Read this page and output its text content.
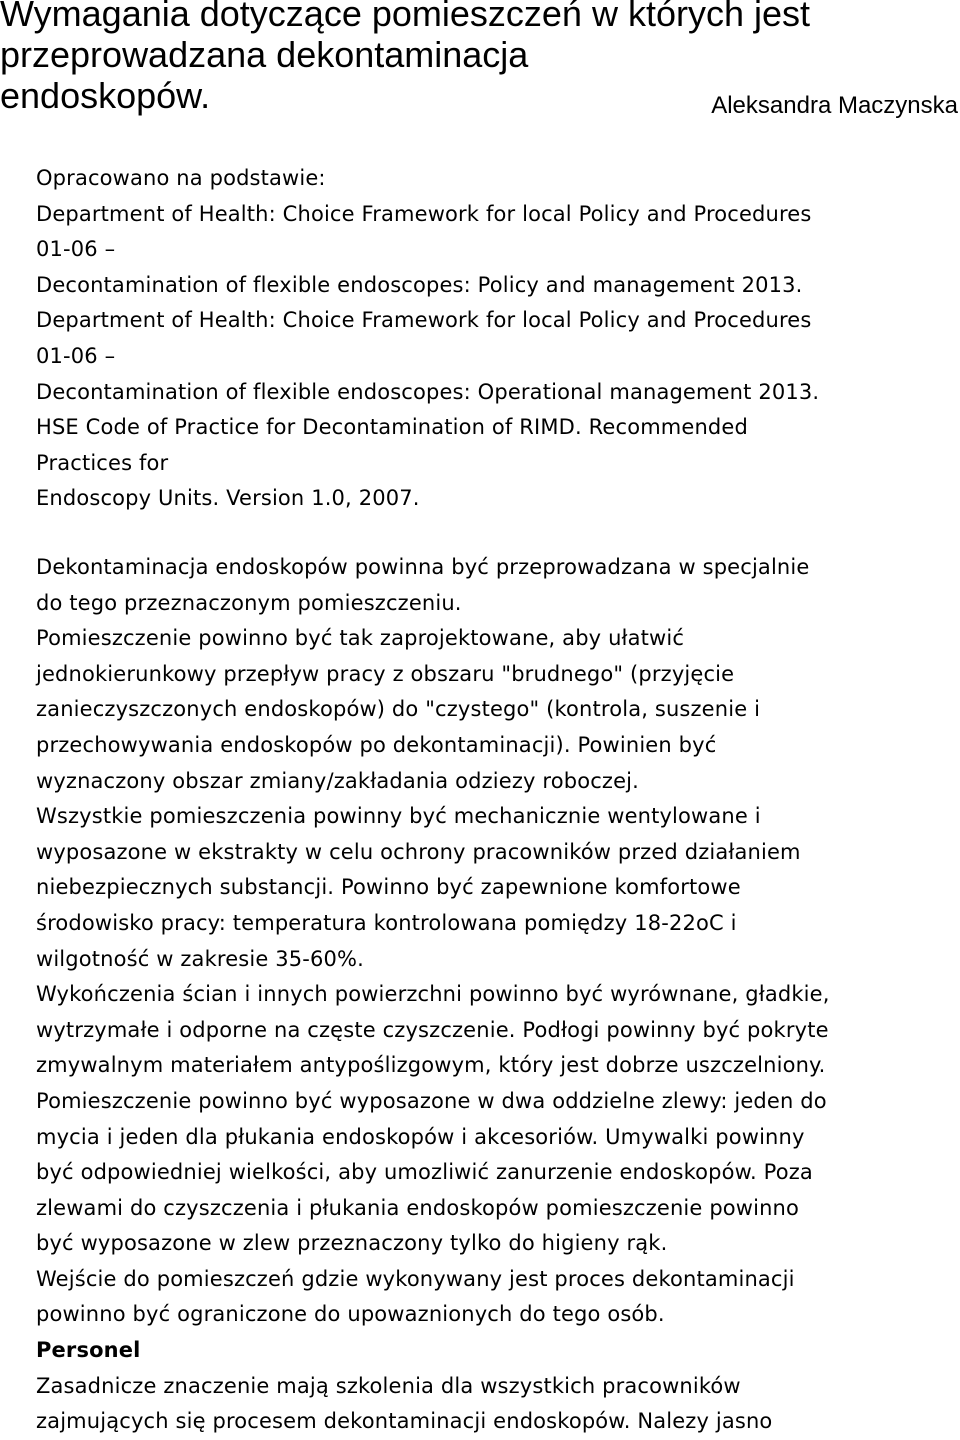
Wymagania dotyczące pomieszczeń w których jest
przeprowadzana dekontaminacja
endoskopów.	Aleksandra Maczynska
Opracowano na podstawie:
Department of Health: Choice Framework for local Policy and Procedures
01-06 –
Decontamination of flexible endoscopes: Policy and management 2013.
Department of Health: Choice Framework for local Policy and Procedures
01-06 –
Decontamination of flexible endoscopes: Operational management 2013.
HSE Code of Practice for Decontamination of RIMD. Recommended
Practices for
Endoscopy Units. Version 1.0, 2007.
Dekontaminacja endoskopów powinna być przeprowadzana w specjalnie
do tego przeznaczonym pomieszczeniu.
Pomieszczenie powinno być tak zaprojektowane, aby ułatwić
jednokierunkowy przepływ pracy z obszaru "brudnego" (przyjęcie
zanieczyszczonych endoskopów) do "czystego" (kontrola, suszenie i
przechowywania endoskopów po dekontaminacji). Powinien być
wyznaczony obszar zmiany/zakładania odziezy roboczej.
Wszystkie pomieszczenia powinny być mechanicznie wentylowane i
wyposazone w ekstrakty w celu ochrony pracowników przed działaniem
niebezpiecznych substancji. Powinno być zapewnione komfortowe
środowisko pracy: temperatura kontrolowana pomiędzy 18-22oC i
wilgotność w zakresie 35-60%.
Wykończenia ścian i innych powierzchni powinno być wyrównane, gładkie,
wytrzymałe i odporne na częste czyszczenie. Podłogi powinny być pokryte
zmywalnym materiałem antypoślizgowym, który jest dobrze uszczelniony.
Pomieszczenie powinno być wyposazone w dwa oddzielne zlewy: jeden do
mycia i jeden dla płukania endoskopów i akcesoriów. Umywalki powinny
być odpowiedniej wielkości, aby umozliwić zanurzenie endoskopów. Poza
zlewami do czyszczenia i płukania endoskopów pomieszczenie powinno
być wyposazone w zlew przeznaczony tylko do higieny rąk.
Wejście do pomieszczeń gdzie wykonywany jest proces dekontaminacji
powinno być ograniczone do upowaznionych do tego osób.
Personel
Zasadnicze znaczenie mają szkolenia dla wszystkich pracowników
zajmujących się procesem dekontaminacji endoskopów. Nalezy jasno
